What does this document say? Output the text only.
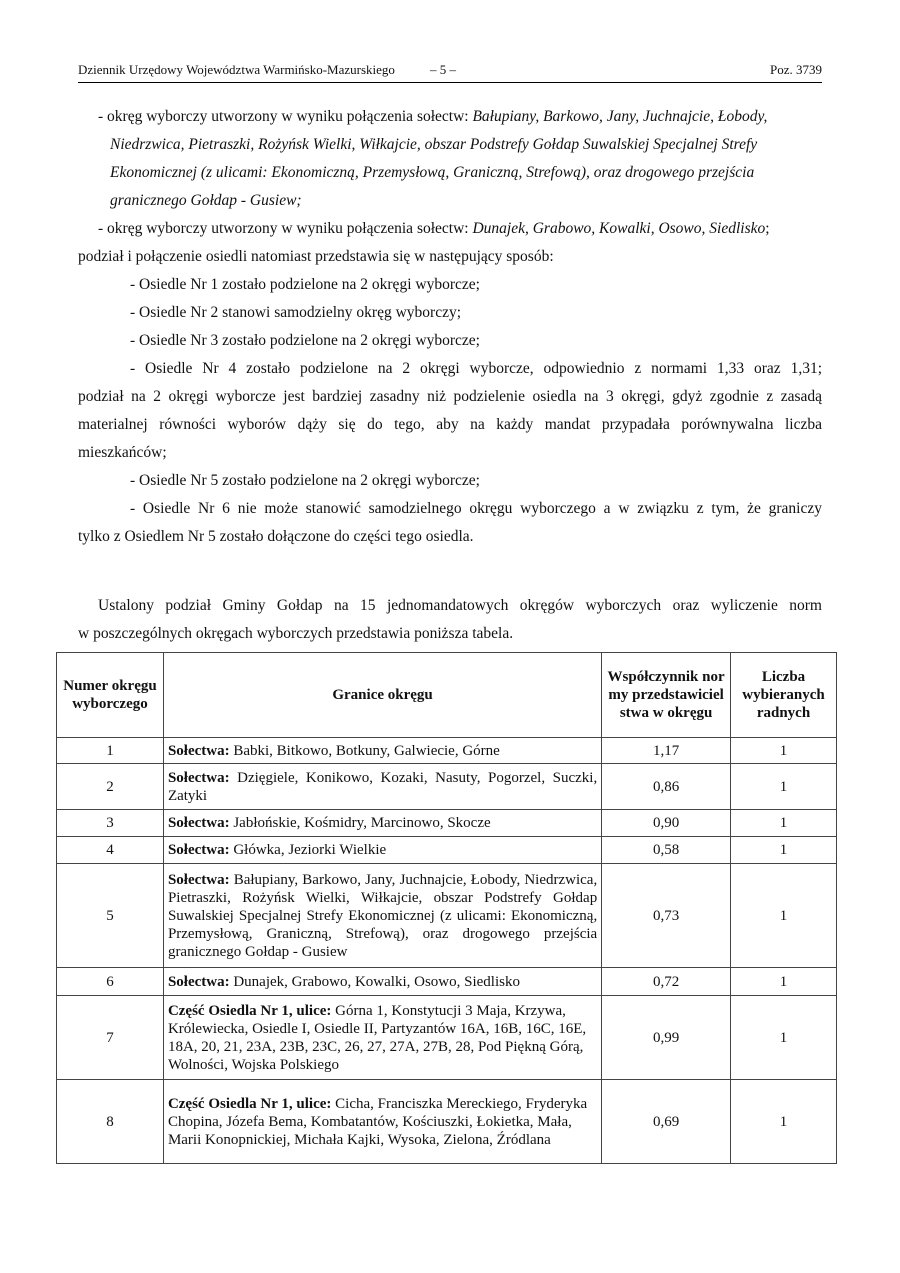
Dziennik Urzędowy Województwa Warmińsko-Mazurskiego	– 5 –	Poz. 3739
- okręg wyborczy utworzony w wyniku połączenia sołectw: Bałupiany, Barkowo, Jany, Juchnajcie, Łobody,
Niedrzwica, Pietraszki, Rożyńsk Wielki, Wiłkajcie, obszar Podstrefy Gołdap Suwalskiej Specjalnej Strefy
Ekonomicznej (z ulicami: Ekonomiczną, Przemysłową, Graniczną, Strefową), oraz drogowego przejścia
granicznego Gołdap - Gusiew;
- okręg wyborczy utworzony w wyniku połączenia sołectw: Dunajek, Grabowo, Kowalki, Osowo, Siedlisko;
podział i połączenie osiedli natomiast przedstawia się w następujący sposób:
- Osiedle Nr 1 zostało podzielone na 2 okręgi wyborcze;
- Osiedle Nr 2 stanowi samodzielny okręg wyborczy;
- Osiedle Nr 3 zostało podzielone na 2 okręgi wyborcze;
- Osiedle Nr 4 zostało podzielone na 2 okręgi wyborcze, odpowiednio z normami 1,33 oraz 1,31;
podział na 2 okręgi wyborcze jest bardziej zasadny niż podzielenie osiedla na 3 okręgi, gdyż zgodnie z zasadą
materialnej równości wyborów dąży się do tego, aby na każdy mandat przypadała porównywalna liczba
mieszkańców;
- Osiedle Nr 5 zostało podzielone na 2 okręgi wyborcze;
- Osiedle Nr 6 nie może stanowić samodzielnego okręgu wyborczego a w związku z tym, że graniczy
tylko z Osiedlem Nr 5 zostało dołączone do części tego osiedla.
Ustalony podział Gminy Gołdap na 15 jednomandatowych okręgów wyborczych oraz wyliczenie norm
w poszczególnych okręgach wyborczych przedstawia poniższa tabela.
Numer okręgu wyborczego	Granice okręgu	Współczynnik normy przedstawicielstwa w okręgu	Liczba wybieranych radnych
1	Sołectwa: Babki, Bitkowo, Botkuny, Galwiecie, Górne	1,17	1
2	Sołectwa: Dzięgiele, Konikowo, Kozaki, Nasuty, Pogorzel, Suczki, Zatyki	0,86	1
3	Sołectwa: Jabłońskie, Kośmidry, Marcinowo, Skocze	0,90	1
4	Sołectwa: Główka, Jeziorki Wielkie	0,58	1
5	Sołectwa: Bałupiany, Barkowo, Jany, Juchnajcie, Łobody, Niedrzwica, Pietraszki, Rożyńsk Wielki, Wiłkajcie, obszar Podstrefy Gołdap Suwalskiej Specjalnej Strefy Ekonomicznej (z ulicami: Ekonomiczną, Przemysłową, Graniczną, Strefową), oraz drogowego przejścia granicznego Gołdap - Gusiew	0,73	1
6	Sołectwa: Dunajek, Grabowo, Kowalki, Osowo, Siedlisko	0,72	1
7	Część Osiedla Nr 1, ulice: Górna 1, Konstytucji 3 Maja, Krzywa, Królewiecka, Osiedle I, Osiedle II, Partyzantów 16A, 16B, 16C, 16E, 18A, 20, 21, 23A, 23B, 23C, 26, 27, 27A, 27B, 28, Pod Piękną Górą, Wolności, Wojska Polskiego	0,99	1
8	Część Osiedla Nr 1, ulice: Cicha, Franciszka Mereckiego, Fryderyka Chopina, Józefa Bema, Kombatantów, Kościuszki, Łokietka, Mała, Marii Konopnickiej, Michała Kajki, Wysoka, Zielona, Źródlana	0,69	1
